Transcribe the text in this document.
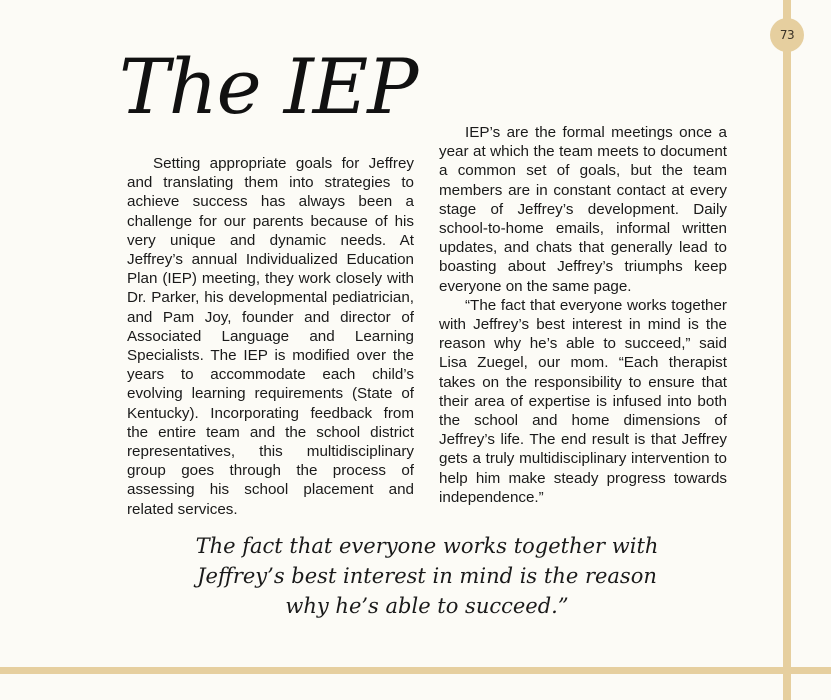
73
The IEP

Setting appropriate goals for Jeffrey and translating them into strategies to achieve success has always been a challenge for our parents because of his very unique and dynamic needs. At Jeffrey’s annual Individualized Education Plan (IEP) meeting, they work closely with Dr. Parker, his developmental pediatrician, and Pam Joy, founder and director of Associated Language and Learning Specialists. The IEP is modified over the years to accommodate each child’s evolving learning requirements (State of Kentucky). Incorporating feedback from the entire team and the school district representatives, this multidisciplinary group goes through the process of assessing his school placement and related services.

IEP’s are the formal meetings once a year at which the team meets to document a common set of goals, but the team members are in constant contact at every stage of Jeffrey’s development. Daily school-to-home emails, informal written updates, and chats that generally lead to boasting about Jeffrey’s triumphs keep everyone on the same page.

“The fact that everyone works together with Jeffrey’s best interest in mind is the reason why he’s able to succeed,” said Lisa Zuegel, our mom. “Each therapist takes on the responsibility to ensure that their area of expertise is infused into both the school and home dimensions of Jeffrey’s life. The end result is that Jeffrey gets a truly multidisciplinary intervention to help him make steady progress towards independence.”

The fact that everyone works together with
Jeffrey’s best interest in mind is the reason
why he’s able to succeed.”
